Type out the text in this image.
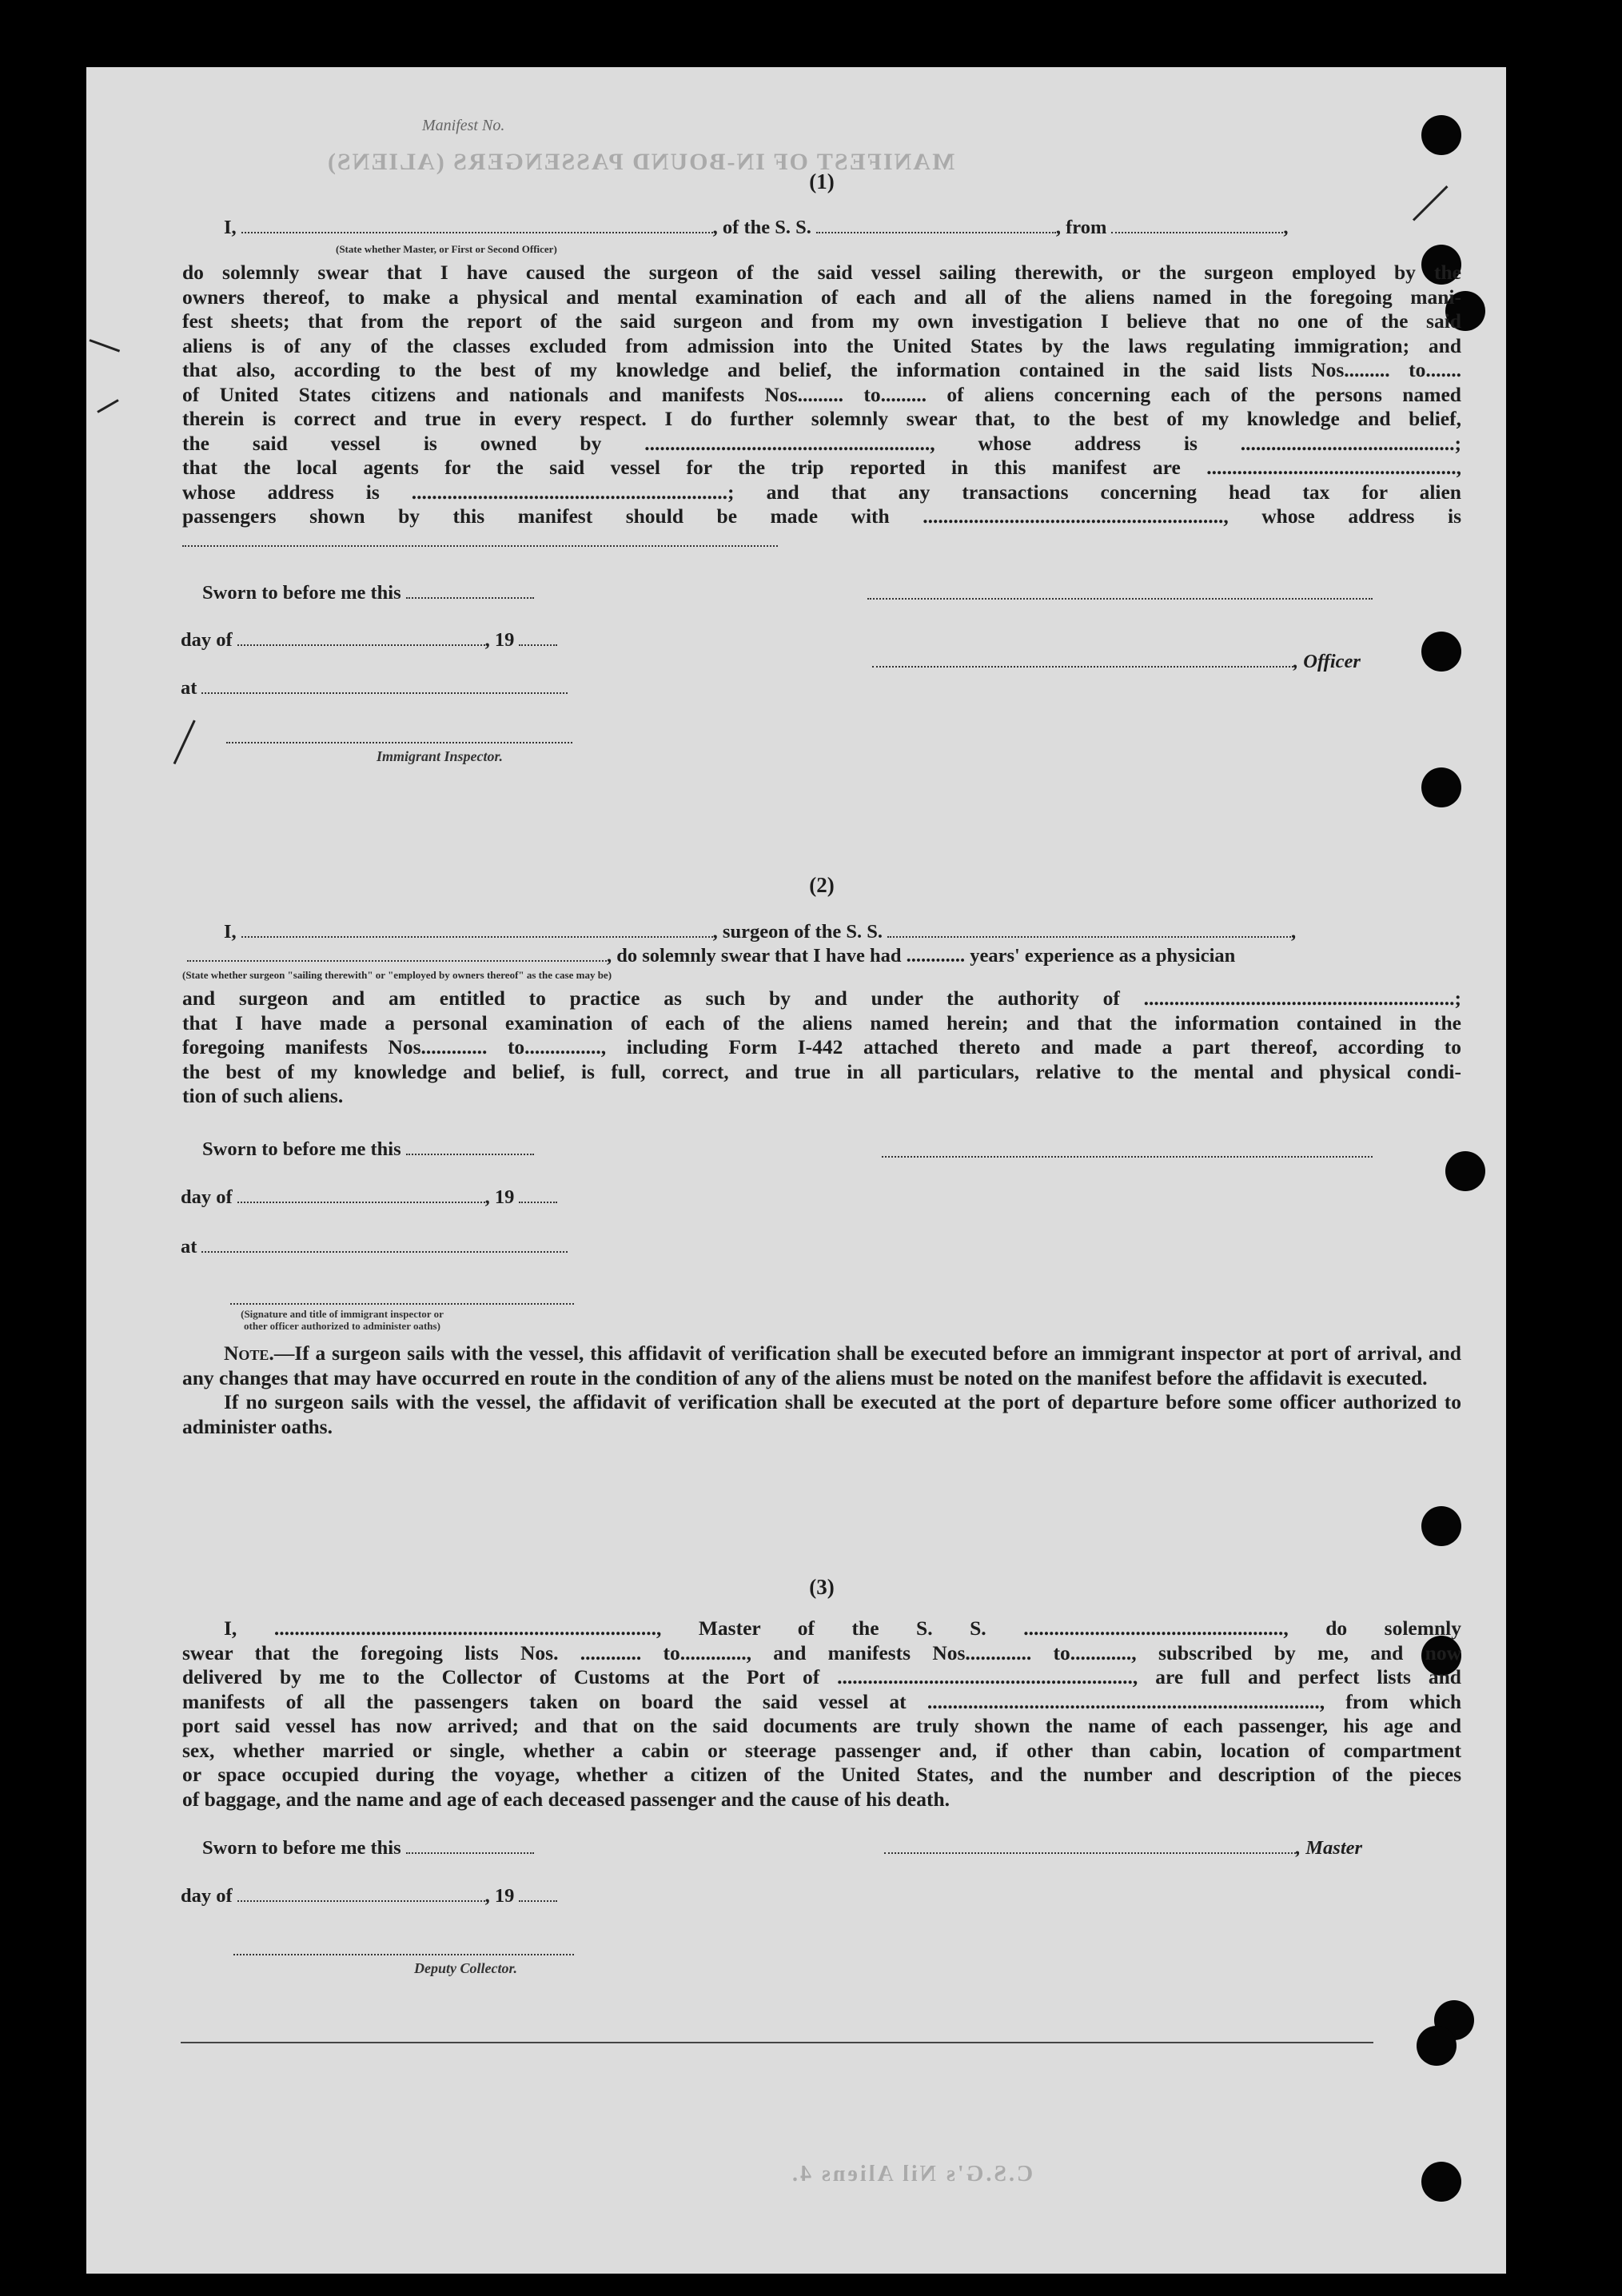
MANIFEST OF IN-BOUND PASSENGERS (ALIENS)
Manifest No.
C.S.G's Nil Aliens 4.
(1)
I,	, of the S. S.	, from	,
(State whether Master, or First or Second Officer)
do solemnly swear that I have caused the surgeon of the said vessel sailing therewith, or the surgeon employed by the
owners thereof, to make a physical and mental examination of each and all of the aliens named in the foregoing mani-
fest sheets; that from the report of the said surgeon and from my own investigation I believe that no one of the said
aliens is of any of the classes excluded from admission into the United States by the laws regulating immigration; and
that also, according to the best of my knowledge and belief, the information contained in the said lists Nos......... to.......
of United States citizens and nationals and manifests Nos......... to......... of aliens concerning each of the persons named
therein is correct and true in every respect. I do further solemnly swear that, to the best of my knowledge and belief,
the said vessel is owned by ........................................................, whose address is ..........................................;
that the local agents for the said vessel for the trip reported in this manifest are .................................................,
whose address is ..............................................................; and that any transactions concerning head tax for alien
passengers shown by this manifest should be made with ..........................................................., whose address is
Sworn to before me this
day of	, 19
, Officer
at
Immigrant Inspector.
(2)
I,	, surgeon of the S. S.	,
, do solemnly swear that I have had ............ years' experience as a physician
(State whether surgeon "sailing therewith" or "employed by owners thereof" as the case may be)
and surgeon and am entitled to practice as such by and under the authority of .............................................................;
that I have made a personal examination of each of the aliens named herein; and that the information contained in the
foregoing manifests Nos............. to..............., including Form I-442 attached thereto and made a part thereof, according to
the best of my knowledge and belief, is full, correct, and true in all particulars, relative to the mental and physical condi-
tion of such aliens.
Sworn to before me this
day of	, 19
at
(Signature and title of immigrant inspector or other officer authorized to administer oaths)

Note.—If a surgeon sails with the vessel, this affidavit of verification shall be executed before an immigrant inspector at port of arrival, and any changes that may have occurred en route in the condition of any of the aliens must be noted on the manifest before the affidavit is executed.

If no surgeon sails with the vessel, the affidavit of verification shall be executed at the port of departure before some officer authorized to administer oaths.

(3)
I, ..........................................................................., Master of the S. S. ..................................................., do solemnly
swear that the foregoing lists Nos. ............ to............., and manifests Nos............. to............, subscribed by me, and now
delivered by me to the Collector of Customs at the Port of .........................................................., are full and perfect lists and
manifests of all the passengers taken on board the said vessel at ............................................................................., from which
port said vessel has now arrived; and that on the said documents are truly shown the name of each passenger, his age and
sex, whether married or single, whether a cabin or steerage passenger and, if other than cabin, location of compartment
or space occupied during the voyage, whether a citizen of the United States, and the number and description of the pieces
of baggage, and the name and age of each deceased passenger and the cause of his death.
Sworn to before me this	, Master
day of	, 19
Deputy Collector.
